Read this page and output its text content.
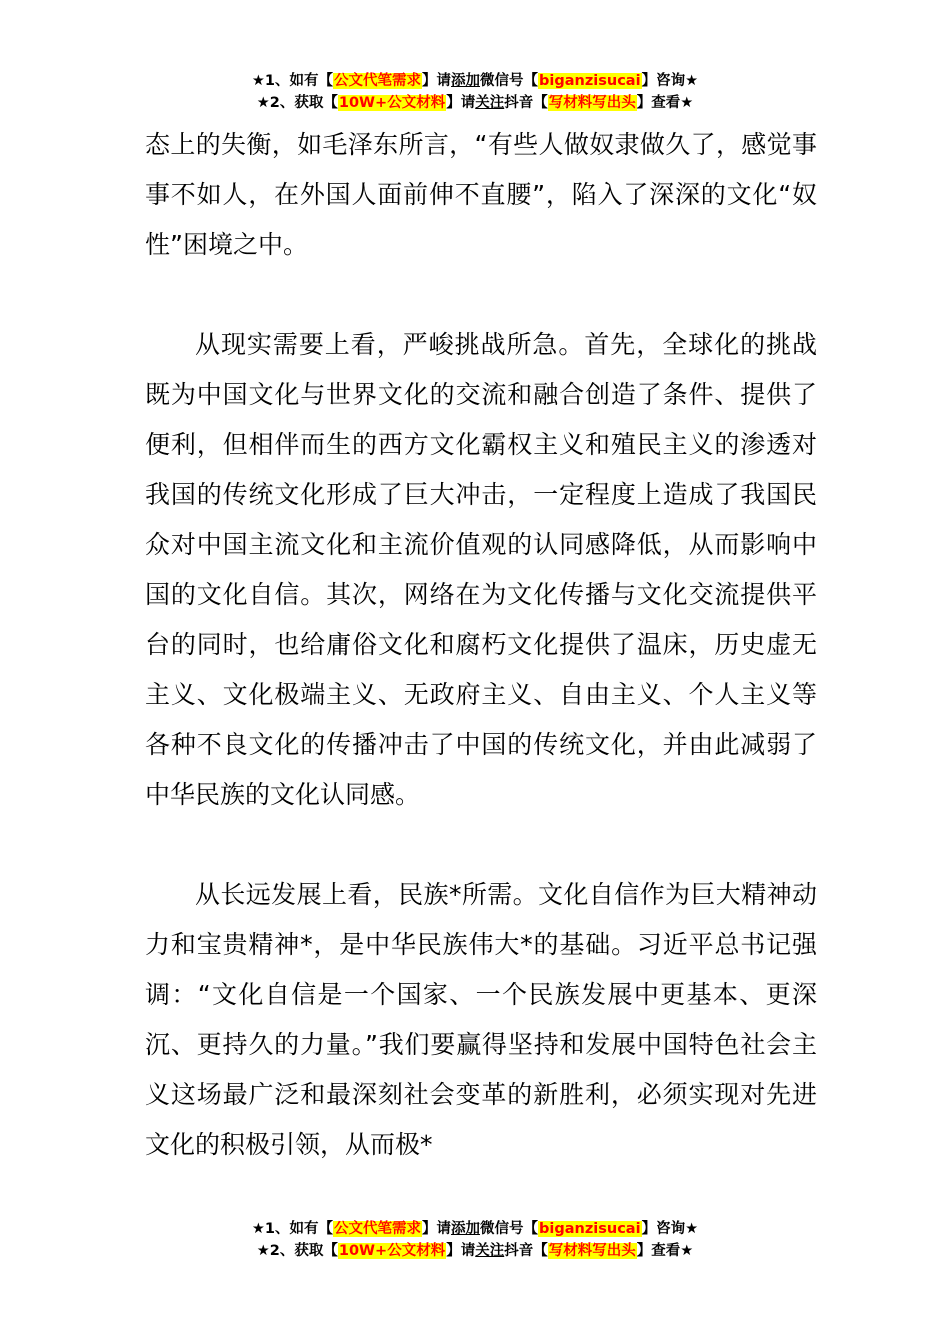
★1、如有【公文代笔需求】请添加微信号【biganzisucai】咨询★
★2、获取【10W+公文材料】请关注抖音【写材料写出头】查看★

态上的失衡，如毛泽东所言，“有些人做奴隶做久了，感觉事事不如人，在外国人面前伸不直腰”，陷入了深深的文化“奴性”困境之中。

从现实需要上看，严峻挑战所急。首先，全球化的挑战既为中国文化与世界文化的交流和融合创造了条件、提供了便利，但相伴而生的西方文化霸权主义和殖民主义的渗透对我国的传统文化形成了巨大冲击，一定程度上造成了我国民众对中国主流文化和主流价值观的认同感降低，从而影响中国的文化自信。其次，网络在为文化传播与文化交流提供平台的同时，也给庸俗文化和腐朽文化提供了温床，历史虚无主义、文化极端主义、无政府主义、自由主义、个人主义等各种不良文化的传播冲击了中国的传统文化，并由此减弱了中华民族的文化认同感。

从长远发展上看，民族*所需。文化自信作为巨大精神动力和宝贵精神*，是中华民族伟大*的基础。习近平总书记强调：“文化自信是一个国家、一个民族发展中更基本、更深沉、更持久的力量。”我们要赢得坚持和发展中国特色社会主义这场最广泛和最深刻社会变革的新胜利，必须实现对先进文化的积极引领，从而极*

★1、如有【公文代笔需求】请添加微信号【biganzisucai】咨询★
★2、获取【10W+公文材料】请关注抖音【写材料写出头】查看★
